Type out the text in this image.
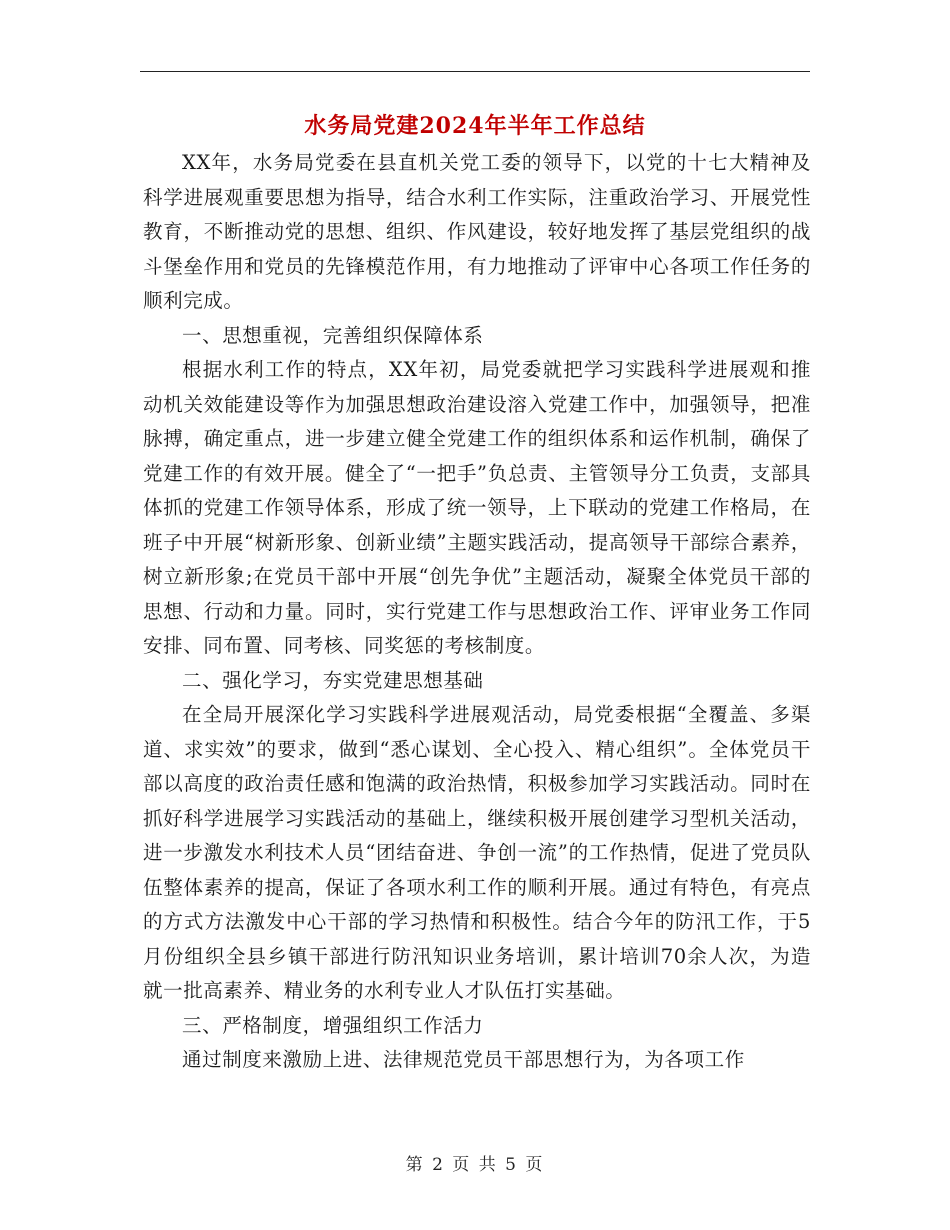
水务局党建2024年半年工作总结

XX年，水务局党委在县直机关党工委的领导下，以党的十七大精神及科学进展观重要思想为指导，结合水利工作实际，注重政治学习、开展党性教育，不断推动党的思想、组织、作风建设，较好地发挥了基层党组织的战斗堡垒作用和党员的先锋模范作用，有力地推动了评审中心各项工作任务的顺利完成。

一、思想重视，完善组织保障体系

根据水利工作的特点，XX年初，局党委就把学习实践科学进展观和推动机关效能建设等作为加强思想政治建设溶入党建工作中，加强领导，把准脉搏，确定重点，进一步建立健全党建工作的组织体系和运作机制，确保了党建工作的有效开展。健全了“一把手”负总责、主管领导分工负责，支部具体抓的党建工作领导体系，形成了统一领导，上下联动的党建工作格局，在班子中开展“树新形象、创新业绩”主题实践活动，提高领导干部综合素养，树立新形象;在党员干部中开展“创先争优”主题活动，凝聚全体党员干部的思想、行动和力量。同时，实行党建工作与思想政治工作、评审业务工作同安排、同布置、同考核、同奖惩的考核制度。

二、强化学习，夯实党建思想基础

在全局开展深化学习实践科学进展观活动，局党委根据“全覆盖、多渠道、求实效”的要求，做到“悉心谋划、全心投入、精心组织”。全体党员干部以高度的政治责任感和饱满的政治热情，积极参加学习实践活动。同时在抓好科学进展学习实践活动的基础上，继续积极开展创建学习型机关活动，进一步激发水利技术人员“团结奋进、争创一流”的工作热情，促进了党员队伍整体素养的提高，保证了各项水利工作的顺利开展。通过有特色，有亮点的方式方法激发中心干部的学习热情和积极性。结合今年的防汛工作，于5月份组织全县乡镇干部进行防汛知识业务培训，累计培训70余人次，为造就一批高素养、精业务的水利专业人才队伍打实基础。

三、严格制度，增强组织工作活力

通过制度来激励上进、法律规范党员干部思想行为，为各项工作

第 2 页 共 5 页
